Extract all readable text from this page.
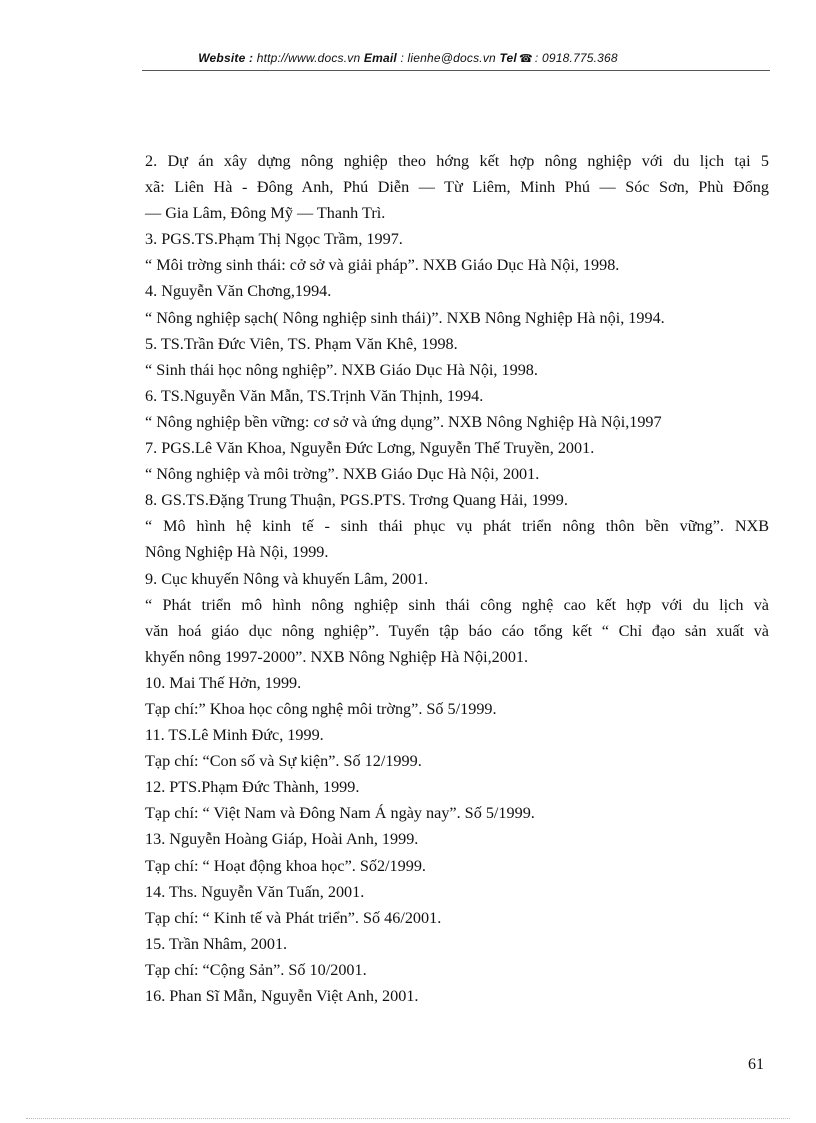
Website : http://www.docs.vn Email : lienhe@docs.vn Tel ☎ : 0918.775.368
2. Dự án xây dựng nông nghiệp theo hớng kết hợp nông nghiệp với du lịch tại 5
xã: Liên Hà - Đông Anh, Phú Diễn — Từ Liêm, Minh Phú — Sóc Sơn, Phù Đổng
— Gia Lâm, Đông Mỹ — Thanh Trì.
3. PGS.TS.Phạm Thị Ngọc Trầm, 1997.
“ Môi trờng sinh thái: cở sở và giải pháp”. NXB Giáo Dục Hà Nội, 1998.
4. Nguyễn Văn Chơng,1994.
“ Nông nghiệp sạch( Nông nghiệp sinh thái)”. NXB Nông Nghiệp Hà nội, 1994.
5. TS.Trần Đức Viên, TS. Phạm Văn Khê, 1998.
“ Sinh thái học nông nghiệp”. NXB Giáo Dục Hà Nội, 1998.
6. TS.Nguyễn Văn Mẫn, TS.Trịnh Văn Thịnh, 1994.
“ Nông nghiệp bền vững: cơ sở và ứng dụng”. NXB Nông Nghiệp Hà Nội,1997
7. PGS.Lê Văn Khoa, Nguyễn Đức Lơng, Nguyễn Thế Truyền, 2001.
“ Nông nghiệp và môi trờng”. NXB Giáo Dục Hà Nội, 2001.
8. GS.TS.Đặng Trung Thuận, PGS.PTS. Trơng Quang Hải, 1999.
“ Mô hình hệ kinh tế - sinh thái phục vụ phát triển nông thôn bền vững”. NXB
Nông Nghiệp Hà Nội, 1999.
9. Cục khuyến Nông và khuyến Lâm, 2001.
“ Phát triển mô hình nông nghiệp sinh thái công nghệ cao kết hợp với du lịch và
văn hoá giáo dục nông nghiệp”. Tuyển tập báo cáo tổng kết “ Chỉ đạo sản xuất và
khyến nông 1997-2000”. NXB Nông Nghiệp Hà Nội,2001.
10. Mai Thế Hởn, 1999.
Tạp chí:” Khoa học công nghệ môi trờng”. Số 5/1999.
11. TS.Lê Minh Đức, 1999.
Tạp chí: “Con số và Sự kiện”. Số 12/1999.
12. PTS.Phạm Đức Thành, 1999.
Tạp chí: “ Việt Nam và Đông Nam Á ngày nay”. Số 5/1999.
13. Nguyễn Hoàng Giáp, Hoài Anh, 1999.
Tạp chí: “ Hoạt động khoa học”. Số2/1999.
14. Ths. Nguyễn Văn Tuấn, 2001.
Tạp chí: “ Kinh tế và Phát triển”. Số 46/2001.
15. Trần Nhâm, 2001.
Tạp chí: “Cộng Sản”. Số 10/2001.
16. Phan Sĩ Mẫn, Nguyễn Việt Anh, 2001.
61
